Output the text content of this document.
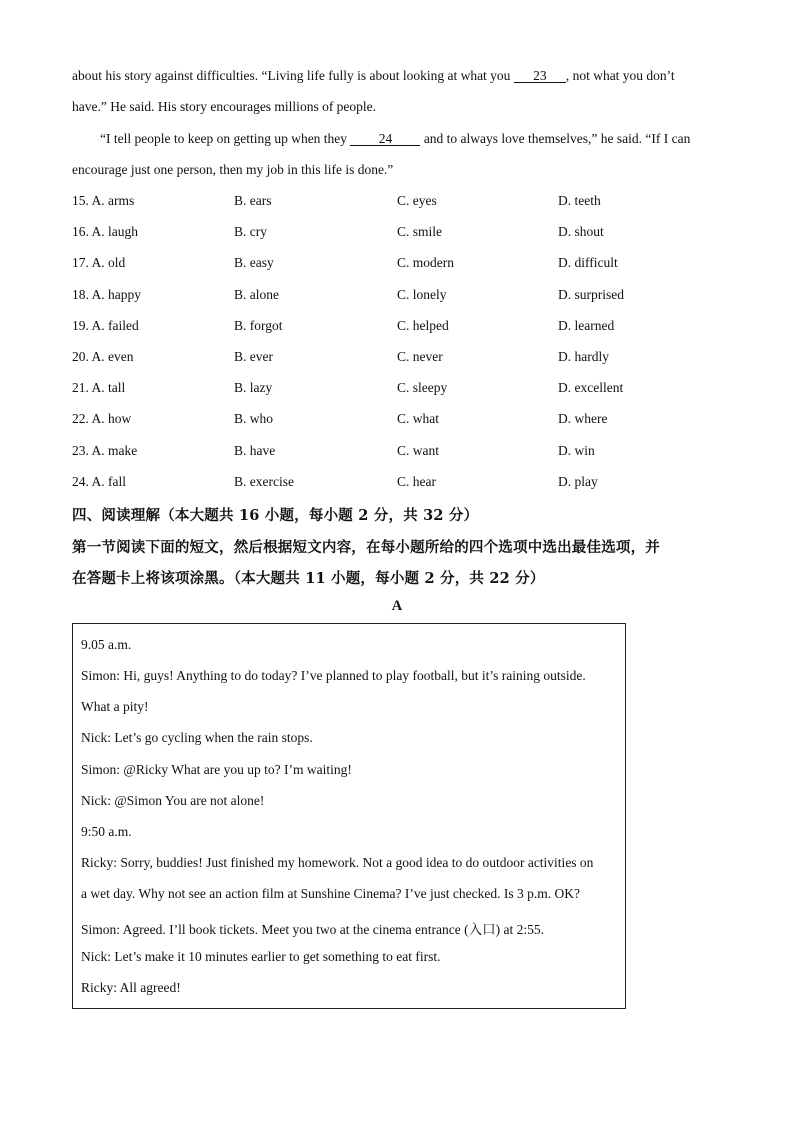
about his story against difficulties. “Living life fully is about looking at what you 23 , not what you don’t
have.” He said. His story encourages millions of people.
“I tell people to keep on getting up when they 24 and to always love themselves,” he said. “If I can
encourage just one person, then my job in this life is done.”
15. A. arms	B. ears	C. eyes	D. teeth
16. A. laugh	B. cry	C. smile	D. shout
17. A. old	B. easy	C. modern	D. difficult
18. A. happy	B. alone	C. lonely	D. surprised
19. A. failed	B. forgot	C. helped	D. learned
20. A. even	B. ever	C. never	D. hardly
21. A. tall	B. lazy	C. sleepy	D. excellent
22. A. how	B. who	C. what	D. where
23. A. make	B. have	C. want	D. win
24. A. fall	B. exercise	C. hear	D. play
四、阅读理解（本大题共 16 小题，每小题 2 分，共 32 分）
第一节阅读下面的短文，然后根据短文内容，在每小题所给的四个选项中选出最佳选项，并
在答题卡上将该项涂黑。（本大题共 11 小题，每小题 2 分，共 22 分）
A
9.05 a.m.
Simon: Hi, guys! Anything to do today? I’ve planned to play football, but it’s raining outside.
What a pity!
Nick: Let’s go cycling when the rain stops.
Simon: @Ricky What are you up to? I’m waiting!
Nick: @Simon You are not alone!
9:50 a.m.
Ricky: Sorry, buddies! Just finished my homework. Not a good idea to do outdoor activities on
a wet day. Why not see an action film at Sunshine Cinema? I’ve just checked. Is 3 p.m. OK?
Simon: Agreed. I’ll book tickets. Meet you two at the cinema entrance (入口) at 2:55.
Nick: Let’s make it 10 minutes earlier to get something to eat first.
Ricky: All agreed!
